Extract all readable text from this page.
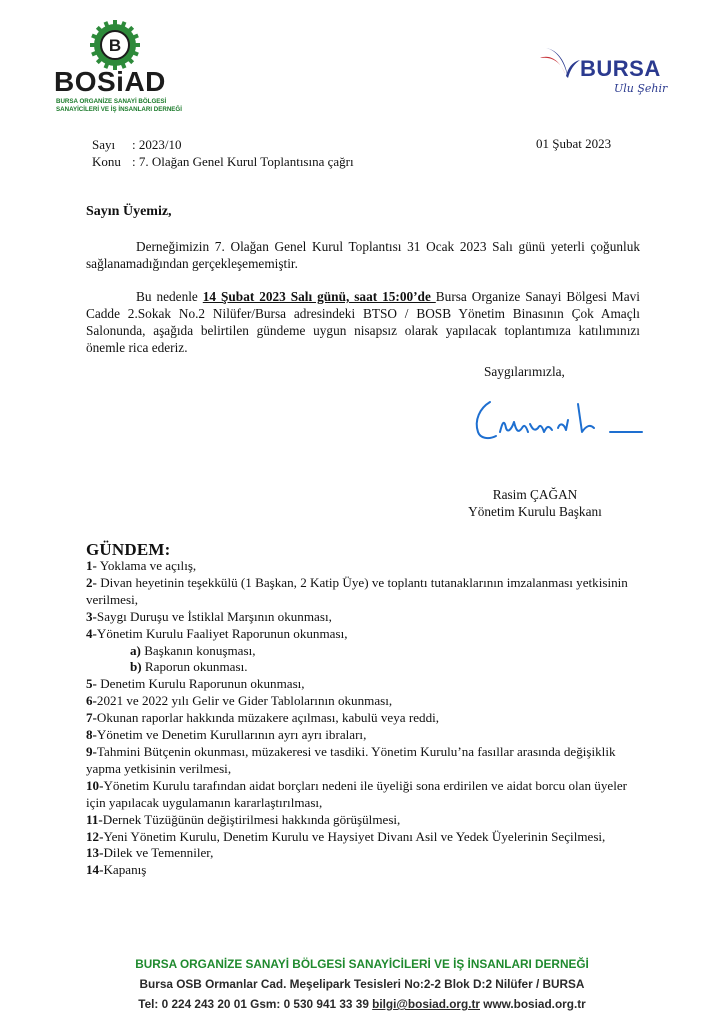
B
BOSiAD
BURSA ORGANİZE SANAYİ BÖLGESİ
SANAYİCİLERİ VE İŞ İNSANLARI DERNEĞİ
BURSA
Ulu Şehir
Sayı : 2023/10
Konu : 7. Olağan Genel Kurul Toplantısına çağrı
01 Şubat 2023
Sayın Üyemiz,
Derneğimizin 7. Olağan Genel Kurul Toplantısı 31 Ocak 2023 Salı günü yeterli çoğunluk sağlanamadığından gerçekleşememiştir.
Bu nedenle 14 Şubat 2023 Salı günü, saat 15:00’de Bursa Organize Sanayi Bölgesi Mavi Cadde 2.Sokak No.2 Nilüfer/Bursa adresindeki BTSO / BOSB Yönetim Binasının Çok Amaçlı Salonunda, aşağıda belirtilen gündeme uygun nisapsız olarak yapılacak toplantımıza katılımınızı önemle rica ederiz.
Saygılarımızla,
Rasim ÇAĞAN
Yönetim Kurulu Başkanı
GÜNDEM:
1- Yoklama ve açılış,
2- Divan heyetinin teşekkülü (1 Başkan, 2 Katip Üye) ve toplantı tutanaklarının imzalanması yetkisinin verilmesi,
3-Saygı Duruşu ve İstiklal Marşının okunması,
4-Yönetim Kurulu Faaliyet Raporunun okunması,
a) Başkanın konuşması,
b) Raporun okunması.
5- Denetim Kurulu Raporunun okunması,
6-2021 ve 2022 yılı Gelir ve Gider Tablolarının okunması,
7-Okunan raporlar hakkında müzakere açılması, kabulü veya reddi,
8-Yönetim ve Denetim Kurullarının ayrı ayrı ibraları,
9-Tahmini Bütçenin okunması, müzakeresi ve tasdiki. Yönetim Kurulu’na fasıllar arasında değişiklik yapma yetkisinin verilmesi,
10-Yönetim Kurulu tarafından aidat borçları nedeni ile üyeliği sona erdirilen ve aidat borcu olan üyeler için yapılacak uygulamanın kararlaştırılması,
11-Dernek Tüzüğünün değiştirilmesi hakkında görüşülmesi,
12-Yeni Yönetim Kurulu, Denetim Kurulu ve Haysiyet Divanı Asil ve Yedek Üyelerinin Seçilmesi,
13-Dilek ve Temenniler,
14-Kapanış
BURSA ORGANİZE SANAYİ BÖLGESİ SANAYİCİLERİ VE İŞ İNSANLARI DERNEĞİ
Bursa OSB Ormanlar Cad. Meşelipark Tesisleri No:2-2 Blok D:2 Nilüfer / BURSA
Tel: 0 224 243 20 01 Gsm: 0 530 941 33 39 bilgi@bosiad.org.tr www.bosiad.org.tr
